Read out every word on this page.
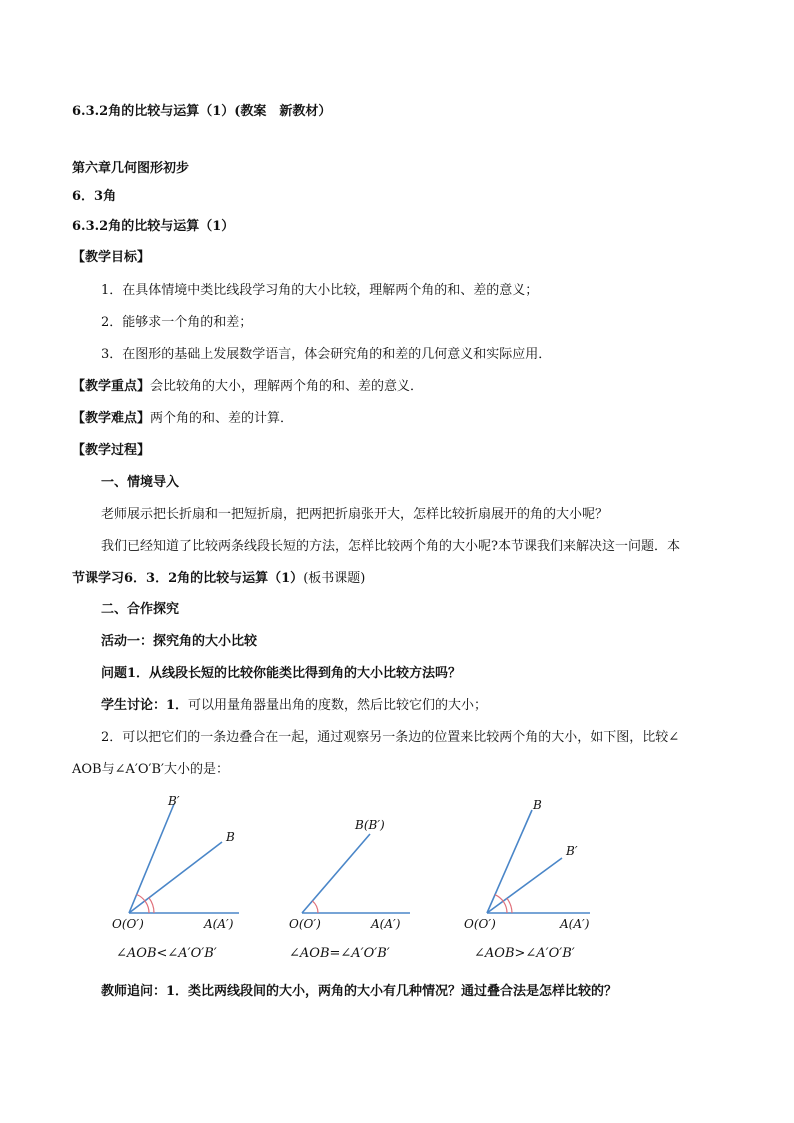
6.3.2角的比较与运算（1）(教案　新教材）
第六章几何图形初步
6．3角
6.3.2角的比较与运算（1）
【教学目标】
1．在具体情境中类比线段学习角的大小比较，理解两个角的和、差的意义；
2．能够求一个角的和差；
3．在图形的基础上发展数学语言，体会研究角的和差的几何意义和实际应用．
【教学重点】会比较角的大小，理解两个角的和、差的意义．
【教学难点】两个角的和、差的计算．
【教学过程】
一、情境导入
老师展示把长折扇和一把短折扇，把两把折扇张开大，怎样比较折扇展开的角的大小呢？
我们已经知道了比较两条线段长短的方法，怎样比较两个角的大小呢?本节课我们来解决这一问题．本
节课学习6．3．2角的比较与运算（1）(板书课题)
二、合作探究
活动一：探究角的大小比较
问题1．从线段长短的比较你能类比得到角的大小比较方法吗？
学生讨论：1．可以用量角器量出角的度数，然后比较它们的大小；
2．可以把它们的一条边叠合在一起，通过观察另一条边的位置来比较两个角的大小，如下图，比较∠
AOB与∠A′O′B′大小的是：
B′
B
O(O′)	A(A′)
∠AOB<∠A′O′B′
B(B′)
O(O′)	A(A′)
∠AOB=∠A′O′B′
B
B′
O(O′)	A(A′)
∠AOB>∠A′O′B′
教师追问：1．类比两线段间的大小，两角的大小有几种情况？通过叠合法是怎样比较的？
